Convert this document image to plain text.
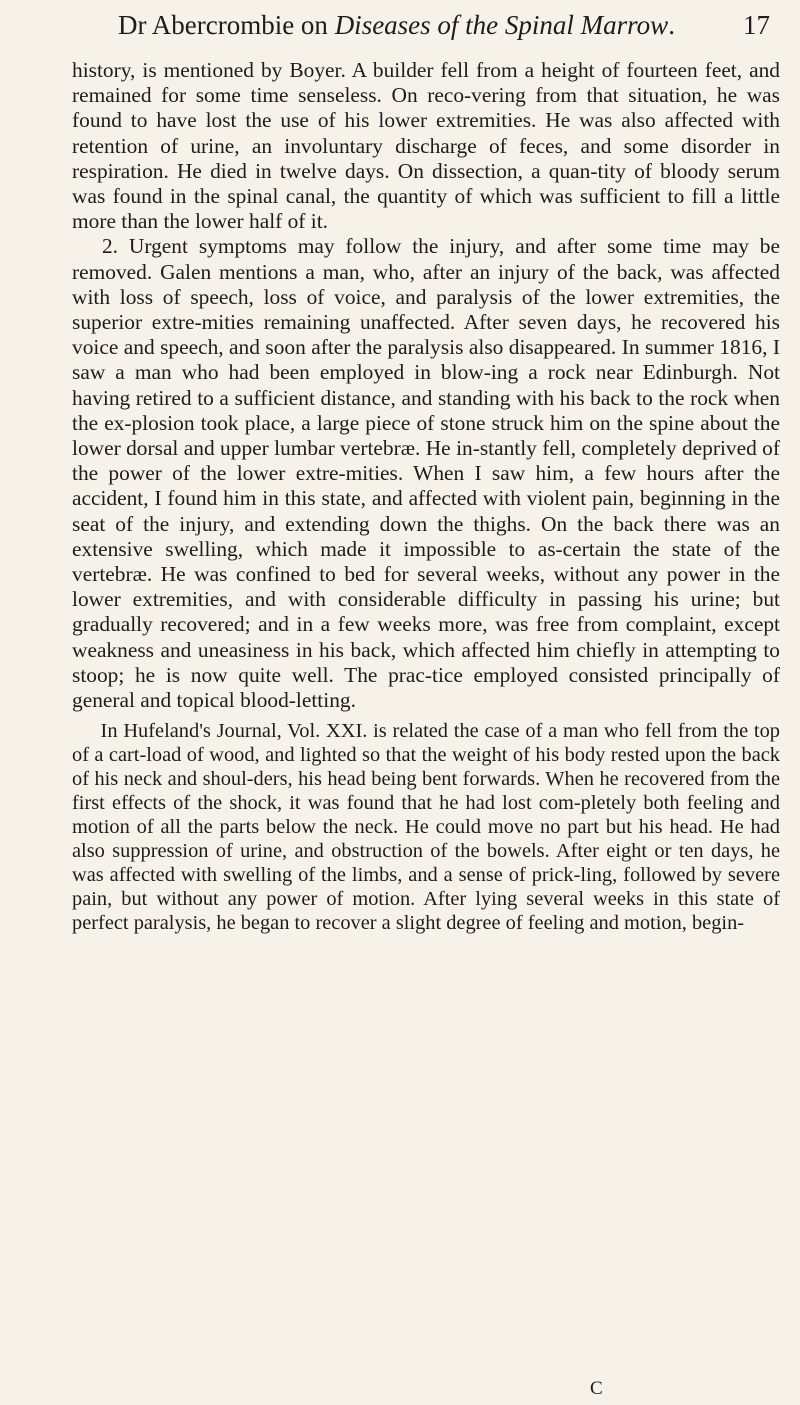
Dr Abercrombie on Diseases of the Spinal Marrow.	17

history, is mentioned by Boyer. A builder fell from a height of fourteen feet, and remained for some time senseless. On reco-vering from that situation, he was found to have lost the use of his lower extremities. He was also affected with retention of urine, an involuntary discharge of feces, and some disorder in respiration. He died in twelve days. On dissection, a quan-tity of bloody serum was found in the spinal canal, the quantity of which was sufficient to fill a little more than the lower half of it.

2. Urgent symptoms may follow the injury, and after some time may be removed. Galen mentions a man, who, after an injury of the back, was affected with loss of speech, loss of voice, and paralysis of the lower extremities, the superior extre-mities remaining unaffected. After seven days, he recovered his voice and speech, and soon after the paralysis also disappeared. In summer 1816, I saw a man who had been employed in blow-ing a rock near Edinburgh. Not having retired to a sufficient distance, and standing with his back to the rock when the ex-plosion took place, a large piece of stone struck him on the spine about the lower dorsal and upper lumbar vertebræ. He in-stantly fell, completely deprived of the power of the lower extre-mities. When I saw him, a few hours after the accident, I found him in this state, and affected with violent pain, beginning in the seat of the injury, and extending down the thighs. On the back there was an extensive swelling, which made it impossible to as-certain the state of the vertebræ. He was confined to bed for several weeks, without any power in the lower extremities, and with considerable difficulty in passing his urine; but gradually recovered; and in a few weeks more, was free from complaint, except weakness and uneasiness in his back, which affected him chiefly in attempting to stoop; he is now quite well. The prac-tice employed consisted principally of general and topical blood-letting.

In Hufeland's Journal, Vol. XXI. is related the case of a man who fell from the top of a cart-load of wood, and lighted so that the weight of his body rested upon the back of his neck and shoul-ders, his head being bent forwards. When he recovered from the first effects of the shock, it was found that he had lost com-pletely both feeling and motion of all the parts below the neck. He could move no part but his head. He had also suppression of urine, and obstruction of the bowels. After eight or ten days, he was affected with swelling of the limbs, and a sense of prick-ling, followed by severe pain, but without any power of motion. After lying several weeks in this state of perfect paralysis, he began to recover a slight degree of feeling and motion, begin-

C
